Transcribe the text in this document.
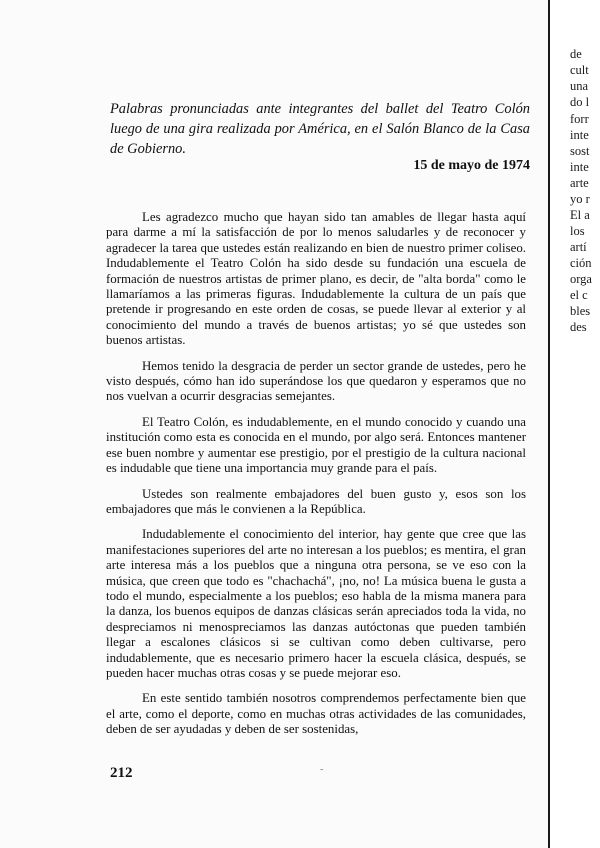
Palabras pronunciadas ante integrantes del ballet del Teatro Colón luego de una gira realizada por América, en el Salón Blanco de la Casa de Gobierno.
15 de mayo de 1974

Les agradezco mucho que hayan sido tan amables de llegar hasta aquí para darme a mí la satisfacción de por lo menos saludarles y de reconocer y agradecer la tarea que ustedes están realizando en bien de nuestro primer coliseo. Indudablemente el Teatro Colón ha sido desde su fundación una escuela de formación de nuestros artistas de primer plano, es decir, de "alta borda" como le llamaríamos a las primeras figuras. Indudablemente la cultura de un país que pretende ir progresando en este orden de cosas, se puede llevar al exterior y al conocimiento del mundo a través de buenos artistas; yo sé que ustedes son buenos artistas.

Hemos tenido la desgracia de perder un sector grande de ustedes, pero he visto después, cómo han ido superándose los que quedaron y esperamos que no nos vuelvan a ocurrir desgracias semejantes.

El Teatro Colón, es indudablemente, en el mundo conocido y cuando una institución como esta es conocida en el mundo, por algo será. Entonces mantener ese buen nombre y aumentar ese prestigio, por el prestigio de la cultura nacional es indudable que tiene una importancia muy grande para el país.

Ustedes son realmente embajadores del buen gusto y, esos son los embajadores que más le convienen a la República.

Indudablemente el conocimiento del interior, hay gente que cree que las manifestaciones superiores del arte no interesan a los pueblos; es mentira, el gran arte interesa más a los pueblos que a ninguna otra persona, se ve eso con la música, que creen que todo es "chachachá", ¡no, no! La música buena le gusta a todo el mundo, especialmente a los pueblos; eso habla de la misma manera para la danza, los buenos equipos de danzas clásicas serán apreciados toda la vida, no despreciamos ni menospreciamos las danzas autóctonas que pueden también llegar a escalones clásicos si se cultivan como deben cultivarse, pero indudablemente, que es necesario primero hacer la escuela clásica, después, se pueden hacer muchas otras cosas y se puede mejorar eso.

En este sentido también nosotros comprendemos perfectamente bien que el arte, como el deporte, como en muchas otras actividades de las comunidades, deben de ser ayudadas y deben de ser sostenidas,

212	˜
de
cult
una
do l
forr
inte
sost
inte
arte
yo r
El a
los
artí
ción
orga
el c
bles
des
